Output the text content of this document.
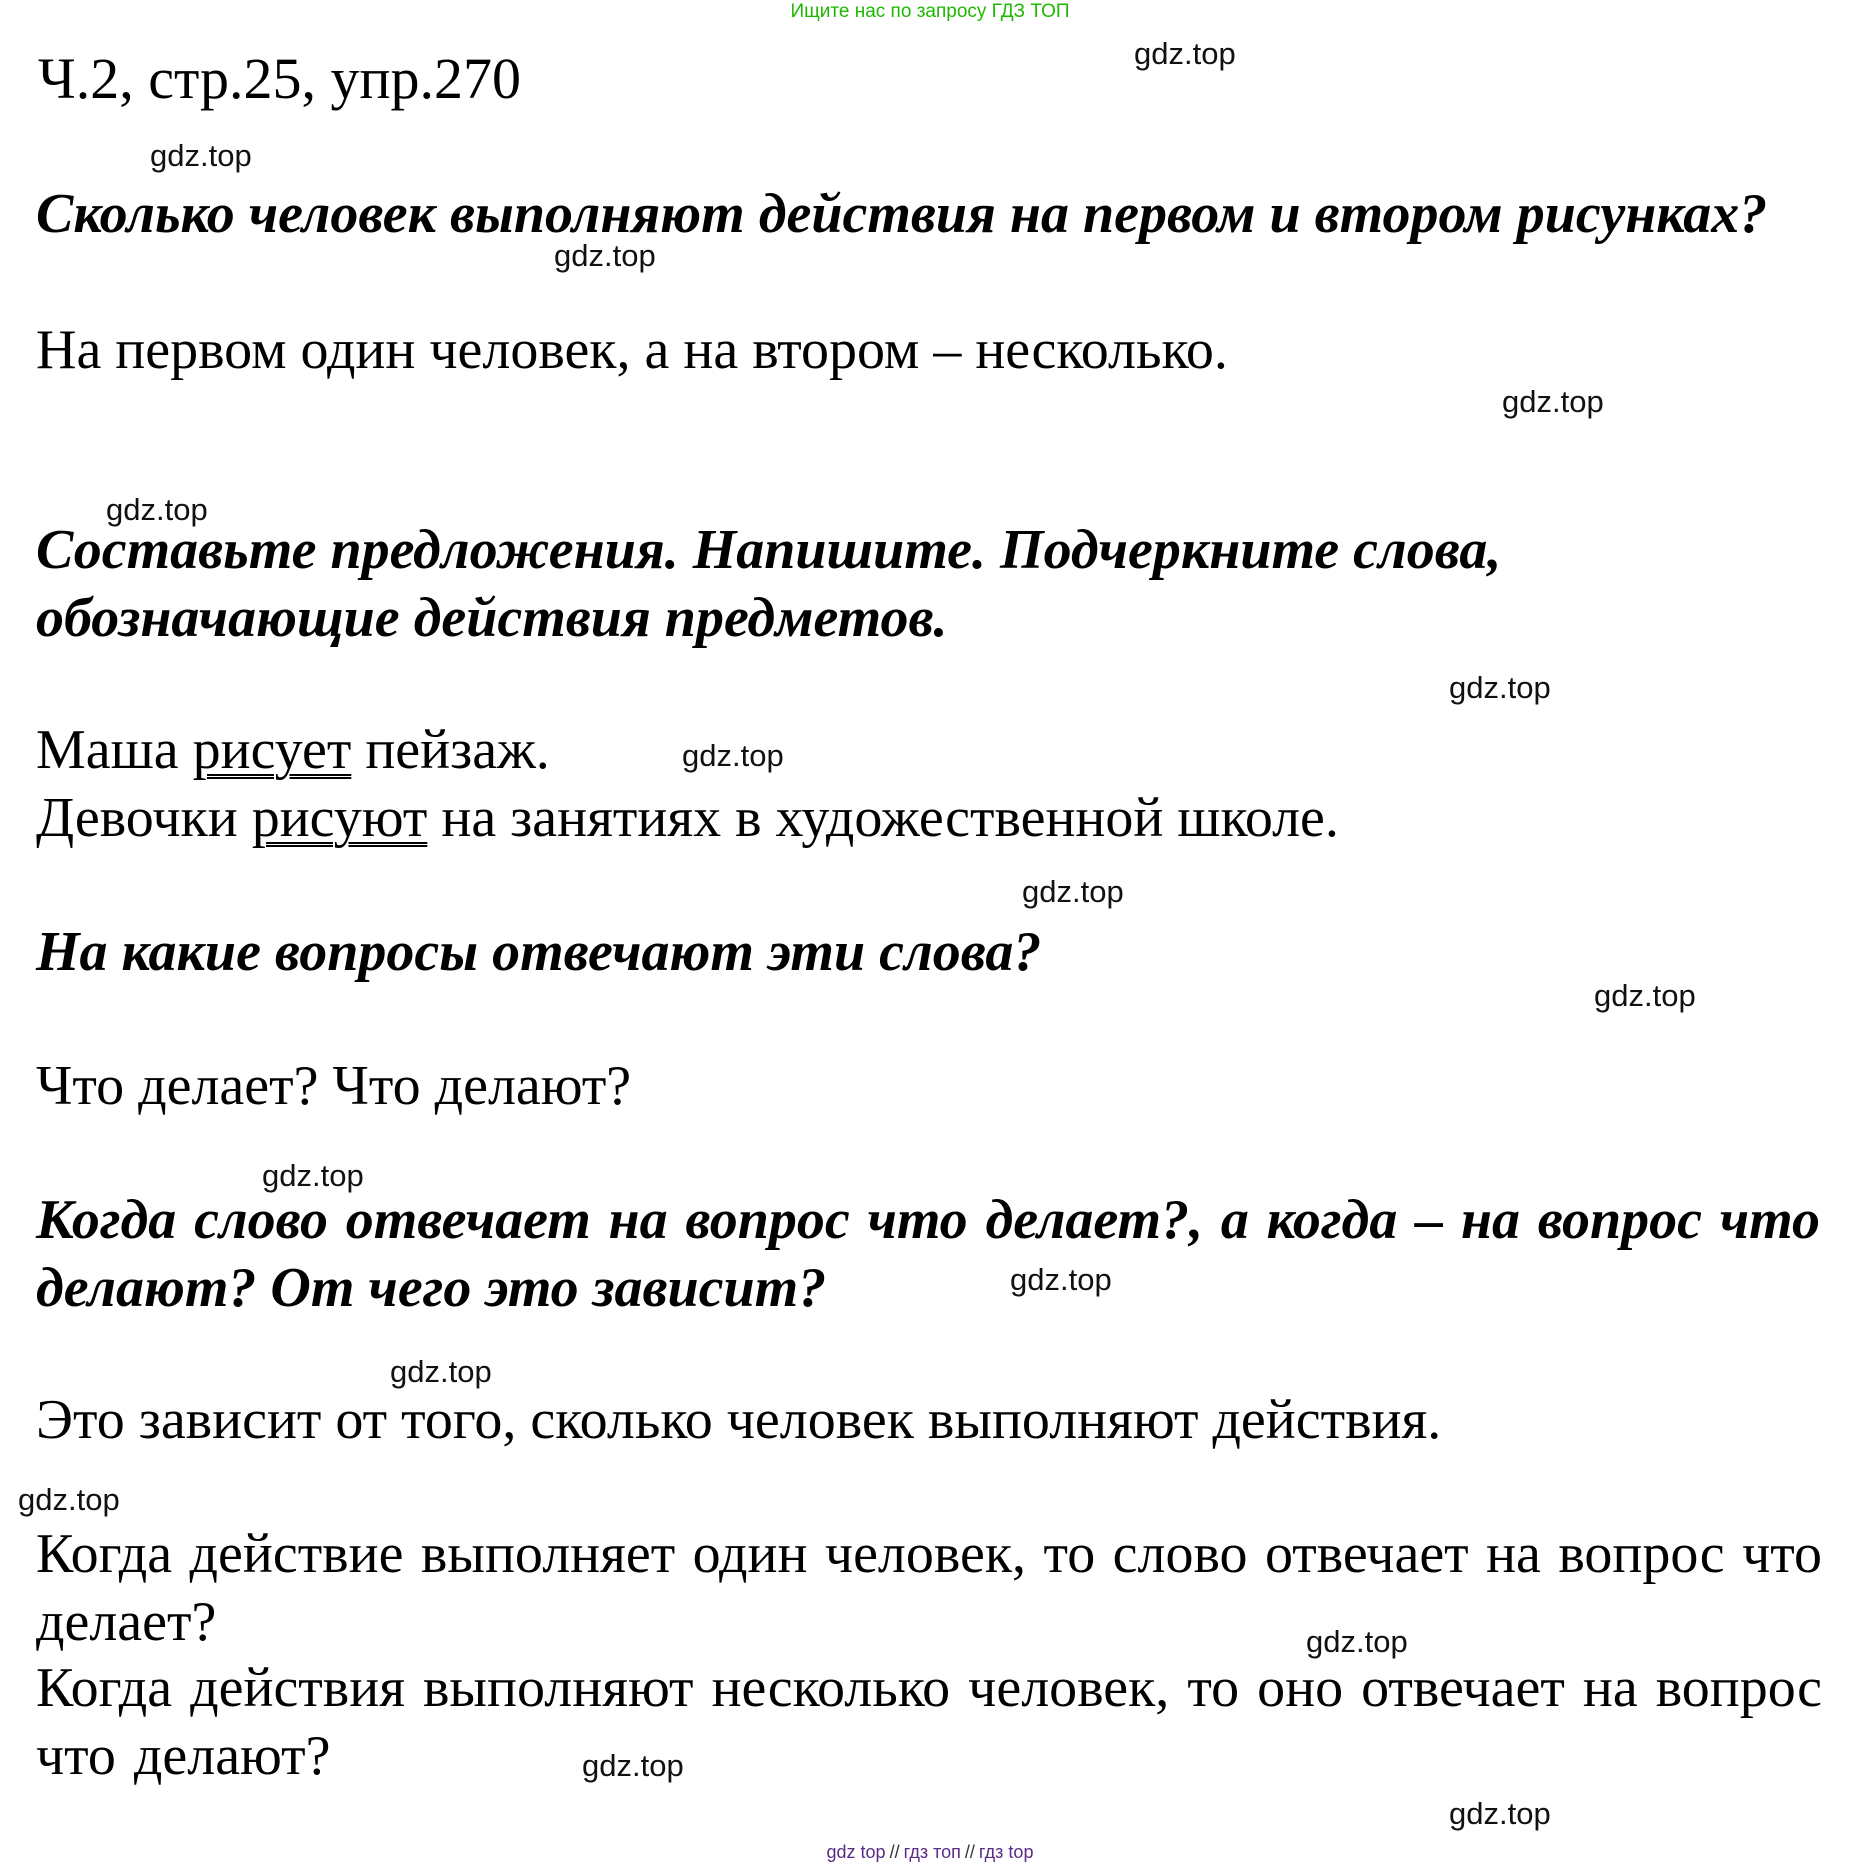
Ищите нас по запросу ГДЗ ТОП
Ч.2, стр.25, упр.270

Сколько человек выполняют действия на первом и втором рисунках?

На первом один человек, а на втором – несколько.

Составьте предложения. Напишите. Подчеркните слова, обозначающие действия предметов.

Маша рисует пейзаж.

Девочки рисуют на занятиях в художественной школе.

На какие вопросы отвечают эти слова?

Что делает? Что делают?

Когда слово отвечает на вопрос что делает?, а когда – на вопрос что делают? От чего это зависит?

Это зависит от того, сколько человек выполняют действия.

Когда действие выполняет один человек, то слово отвечает на вопрос что делает?

Когда действия выполняют несколько человек, то оно отвечает на вопрос что делают?

gdz.top
gdz.top
gdz.top
gdz.top
gdz.top
gdz.top
gdz.top
gdz.top
gdz.top
gdz.top
gdz.top
gdz.top
gdz.top
gdz.top
gdz.top
gdz.top
gdz top // гдз топ // гдз top
